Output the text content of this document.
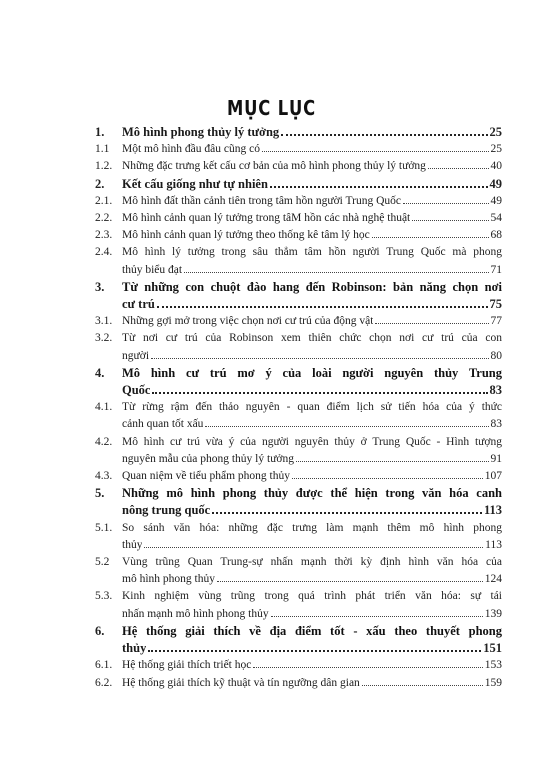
MỤC LỤC
1.	Mô hình phong thủy lý tưởng	25
1.1	Một mô hình đầu đâu cũng có	25
1.2. Những đặc trưng kết cấu cơ bản của mô hình phong thủy lý tưởng	40
2.	Kết cấu giống như tự nhiên	49
2.1. Mô hình đất thần cảnh tiên trong tâm hồn người Trung Quốc	49
2.2. Mô hình cảnh quan lý tưởng trong tâM hồn các nhà nghệ thuật	54
2.3. Mô hình cảnh quan lý tưởng theo thống kê tâm lý học	68
2.4. Mô hình lý tưởng trong sâu thẳm tâm hồn người Trung Quốc mà phong
thủy biểu đạt	71
3.	Từ những con chuột đào hang đến Robinson: bản năng chọn nơi
cư trú	75
3.1. Những gợi mở trong việc chọn nơi cư trú của động vật	77
3.2. Từ nơi cư trú của Robinson xem thiên chức chọn nơi cư trú của con
người	80
4.	Mô hình cư trú mơ ý của loài người nguyên thủy Trung
Quốc	83
4.1. Từ rừng rậm đến thảo nguyên - quan điểm lịch sử tiến hóa của ý thức
cảnh quan tốt xấu	83
4.2. Mô hình cư trú vừa ý của người nguyên thủy ở Trung Quốc - Hình tượng
nguyên mẫu của phong thủy lý tưởng	91
4.3. Quan niệm về tiểu phẩm phong thủy	107
5.	Những mô hình phong thủy được thể hiện trong văn hóa canh
nông trung quốc	113
5.1. So sánh văn hóa: những đặc trưng làm mạnh thêm mô hình phong
thủy	113
5.2	Vùng trũng Quan Trung-sự nhấn mạnh thời kỳ định hình văn hóa của
mô hình phong thủy	124
5.3. Kinh nghiệm vùng trũng trong quá trình phát triển văn hóa: sự tái
nhấn mạnh mô hình phong thủy	139
6.	Hệ thống giải thích về địa điểm tốt - xấu theo thuyết phong
thủy	151
6.1. Hệ thống giải thích triết học	153
6.2. Hệ thống giải thích kỹ thuật và tín ngưỡng dân gian	159
